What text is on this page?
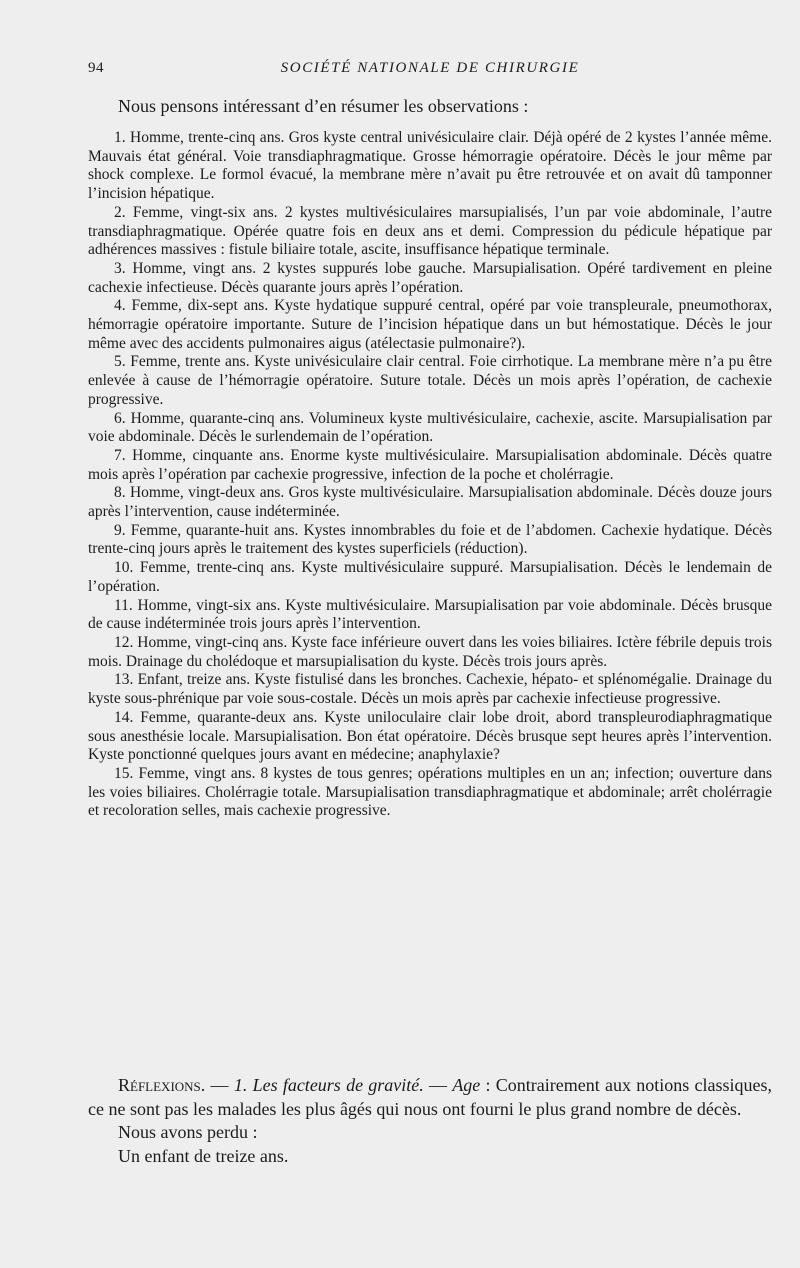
94	SOCIÉTÉ NATIONALE DE CHIRURGIE
Nous pensons intéressant d’en résumer les observations :

1. Homme, trente-cinq ans. Gros kyste central univésiculaire clair. Déjà opéré de 2 kystes l’année même. Mauvais état général. Voie transdiaphragmatique. Grosse hémorragie opératoire. Décès le jour même par shock complexe. Le formol évacué, la membrane mère n’avait pu être retrouvée et on avait dû tamponner l’incision hépatique.

2. Femme, vingt-six ans. 2 kystes multivésiculaires marsupialisés, l’un par voie abdominale, l’autre transdiaphragmatique. Opérée quatre fois en deux ans et demi. Compression du pédicule hépatique par adhérences massives : fistule biliaire totale, ascite, insuffisance hépatique terminale.

3. Homme, vingt ans. 2 kystes suppurés lobe gauche. Marsupialisation. Opéré tardivement en pleine cachexie infectieuse. Décès quarante jours après l’opération.

4. Femme, dix-sept ans. Kyste hydatique suppuré central, opéré par voie transpleurale, pneumothorax, hémorragie opératoire importante. Suture de l’incision hépatique dans un but hémostatique. Décès le jour même avec des accidents pulmonaires aigus (atélectasie pulmonaire?).

5. Femme, trente ans. Kyste univésiculaire clair central. Foie cirrhotique. La membrane mère n’a pu être enlevée à cause de l’hémorragie opératoire. Suture totale. Décès un mois après l’opération, de cachexie progressive.

6. Homme, quarante-cinq ans. Volumineux kyste multivésiculaire, cachexie, ascite. Marsupialisation par voie abdominale. Décès le surlendemain de l’opération.

7. Homme, cinquante ans. Enorme kyste multivésiculaire. Marsupialisation abdominale. Décès quatre mois après l’opération par cachexie progressive, infection de la poche et cholérragie.

8. Homme, vingt-deux ans. Gros kyste multivésiculaire. Marsupialisation abdominale. Décès douze jours après l’intervention, cause indéterminée.

9. Femme, quarante-huit ans. Kystes innombrables du foie et de l’abdomen. Cachexie hydatique. Décès trente-cinq jours après le traitement des kystes superficiels (réduction).

10. Femme, trente-cinq ans. Kyste multivésiculaire suppuré. Marsupialisation. Décès le lendemain de l’opération.

11. Homme, vingt-six ans. Kyste multivésiculaire. Marsupialisation par voie abdominale. Décès brusque de cause indéterminée trois jours après l’intervention.

12. Homme, vingt-cinq ans. Kyste face inférieure ouvert dans les voies biliaires. Ictère fébrile depuis trois mois. Drainage du cholédoque et marsupialisation du kyste. Décès trois jours après.

13. Enfant, treize ans. Kyste fistulisé dans les bronches. Cachexie, hépato- et splénomégalie. Drainage du kyste sous-phrénique par voie sous-costale. Décès un mois après par cachexie infectieuse progressive.

14. Femme, quarante-deux ans. Kyste uniloculaire clair lobe droit, abord transpleurodiaphragmatique sous anesthésie locale. Marsupialisation. Bon état opératoire. Décès brusque sept heures après l’intervention. Kyste ponctionné quelques jours avant en médecine; anaphylaxie?

15. Femme, vingt ans. 8 kystes de tous genres; opérations multiples en un an; infection; ouverture dans les voies biliaires. Cholérragie totale. Marsupialisation transdiaphragmatique et abdominale; arrêt cholérragie et recoloration selles, mais cachexie progressive.

Réflexions. — 1. Les facteurs de gravité. — Age : Contrairement aux notions classiques, ce ne sont pas les malades les plus âgés qui nous ont fourni le plus grand nombre de décès.

Nous avons perdu :

Un enfant de treize ans.
